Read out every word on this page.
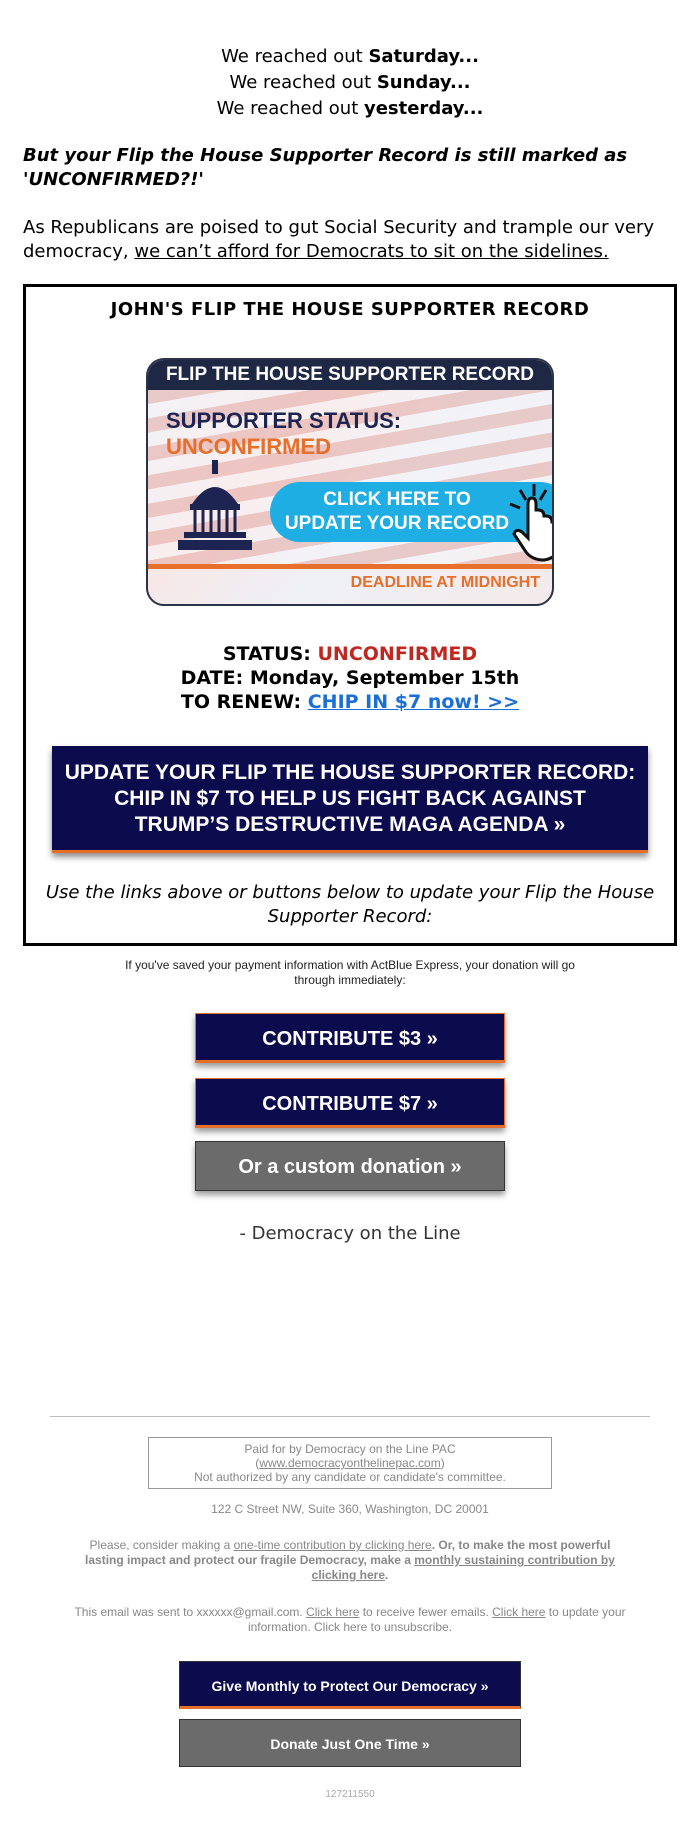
We reached out Saturday...
We reached out Sunday...
We reached out yesterday...
But your Flip the House Supporter Record is still marked as 'UNCONFIRMED?!'
As Republicans are poised to gut Social Security and trample our very democracy, we can’t afford for Democrats to sit on the sidelines.
JOHN'S FLIP THE HOUSE SUPPORTER RECORD
FLIP THE HOUSE SUPPORTER RECORD
SUPPORTER STATUS:
UNCONFIRMED
CLICK HERE TO
UPDATE YOUR RECORD
DEADLINE AT MIDNIGHT
STATUS: UNCONFIRMED
DATE: Monday, September 15th
TO RENEW: CHIP IN $7 now! >>
UPDATE YOUR FLIP THE HOUSE SUPPORTER RECORD: CHIP IN $7 TO HELP US FIGHT BACK AGAINST TRUMP’S DESTRUCTIVE MAGA AGENDA »
Use the links above or buttons below to update your Flip the House Supporter Record:
If you've saved your payment information with ActBlue Express, your donation will go through immediately:
CONTRIBUTE $3 »
CONTRIBUTE $7 »
Or a custom donation »
- Democracy on the Line
Paid for by Democracy on the Line PAC
(www.democracyonthelinepac.com)
Not authorized by any candidate or candidate's committee.
122 C Street NW, Suite 360, Washington, DC 20001
Please, consider making a one-time contribution by clicking here. Or, to make the most powerful lasting impact and protect our fragile Democracy, make a monthly sustaining contribution by clicking here.
This email was sent to xxxxxx@gmail.com. Click here to receive fewer emails. Click here to update your information. Click here to unsubscribe.
Give Monthly to Protect Our Democracy »
Donate Just One Time »
127211550
